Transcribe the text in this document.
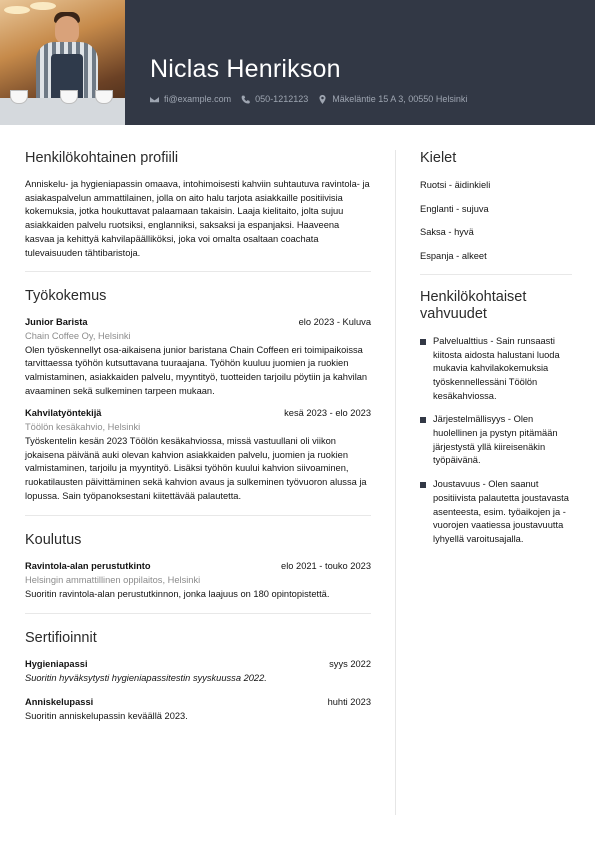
Niclas Henrikson
fi@example.com	050-1212123	Mäkeläntie 15 A 3, 00550 Helsinki
Henkilökohtainen profiili
Anniskelu- ja hygieniapassin omaava, intohimoisesti kahviin suhtautuva ravintola- ja asiakaspalvelun ammattilainen, jolla on aito halu tarjota asiakkaille positiivisia kokemuksia, jotka houkuttavat palaamaan takaisin. Laaja kielitaito, jolta sujuu asiakkaiden palvelu ruotsiksi, englanniksi, saksaksi ja espanjaksi. Haaveena kasvaa ja kehittyä kahvilapäälliköksi, joka voi omalta osaltaan coachata tulevaisuuden tähtibaristoja.
Työkokemus
Junior Barista	elo 2023 - Kuluva
Chain Coffee Oy, Helsinki
Olen työskennellyt osa-aikaisena junior baristana Chain Coffeen eri toimipaikoissa tarvittaessa työhön kutsuttavana tuuraajana. Työhön kuuluu juomien ja ruokien valmistaminen, asiakkaiden palvelu, myyntityö, tuotteiden tarjoilu pöytiin ja kahvilan avaaminen sekä sulkeminen tarpeen mukaan.
Kahvilatyöntekijä	kesä 2023 - elo 2023
Töölön kesäkahvio, Helsinki
Työskentelin kesän 2023 Töölön kesäkahviossa, missä vastuullani oli viikon jokaisena päivänä auki olevan kahvion asiakkaiden palvelu, juomien ja ruokien valmistaminen, tarjoilu ja myyntityö. Lisäksi työhön kuului kahvion siivoaminen, ruokatilausten päivittäminen sekä kahvion avaus ja sulkeminen työvuoron alussa ja lopussa. Sain työpanoksestani kiitettävää palautetta.
Koulutus
Ravintola-alan perustutkinto	elo 2021 - touko 2023
Helsingin ammattillinen oppilaitos, Helsinki
Suoritin ravintola-alan perustutkinnon, jonka laajuus on 180 opintopistettä.
Sertifioinnit
Hygieniapassi	syys 2022
Suoritin hyväksytysti hygieniapassitestin syyskuussa 2022.
Anniskelupassi	huhti 2023
Suoritin anniskelupassin keväällä 2023.
Kielet
Ruotsi - äidinkieli
Englanti - sujuva
Saksa - hyvä
Espanja - alkeet
Henkilökohtaiset vahvuudet
Palvelualttius - Sain runsaasti kiitosta aidosta halustani luoda mukavia kahvilakokemuksia työskennellessäni Töölön kesäkahviossa.
Järjestelmällisyys - Olen huolellinen ja pystyn pitämään järjestystä yllä kiireisenäkin työpäivänä.
Joustavuus - Olen saanut positiivista palautetta joustavasta asenteesta, esim. työaikojen ja -vuorojen vaatiessa joustavuutta lyhyellä varoitusajalla.
